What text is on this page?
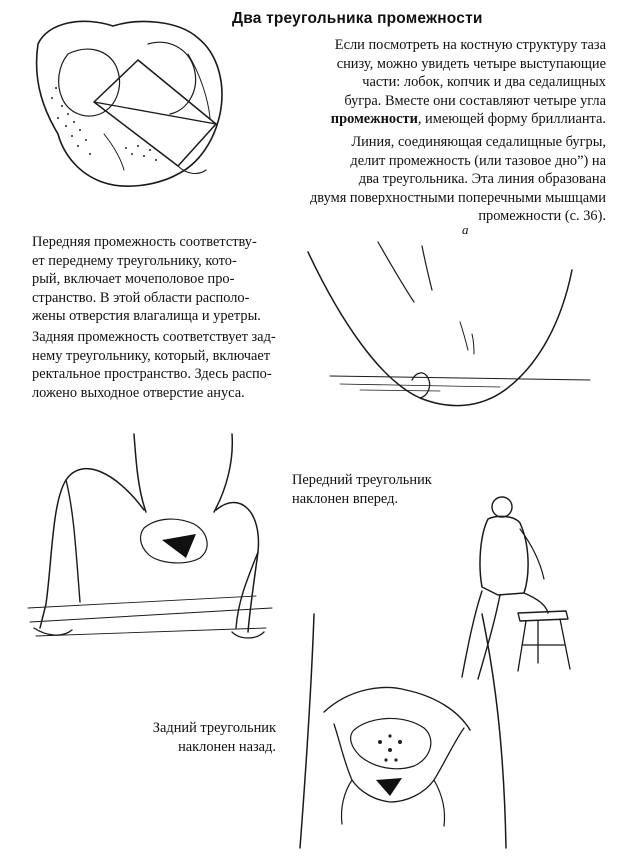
Два треугольника промежности
Если посмотреть на костную структуру таза
снизу, можно увидеть четыре выступающие
части: лобок, копчик и два седалищных
бугра. Вместе они составляют четыре угла
промежности, имеющей форму бриллианта.
Линия, соединяющая седалищные бугры,
делит промежность (или тазовое дно”) на
два треугольника. Эта линия образована
двумя поверхностными поперечными мышцами
промежности (с. 36).
Передняя промежность соответству-
ет переднему треугольнику, кото-
рый, включает мочеполовое про-
странство. В этой области располо-
жены отверстия влагалища и уретры.
Задняя промежность соответствует зад-
нему треугольнику, который, включает
ректальное пространство. Здесь распо-
ложено выходное отверстие ануса.
Передний треугольник
наклонен вперед.
Задний треугольник
наклонен назад.
a
